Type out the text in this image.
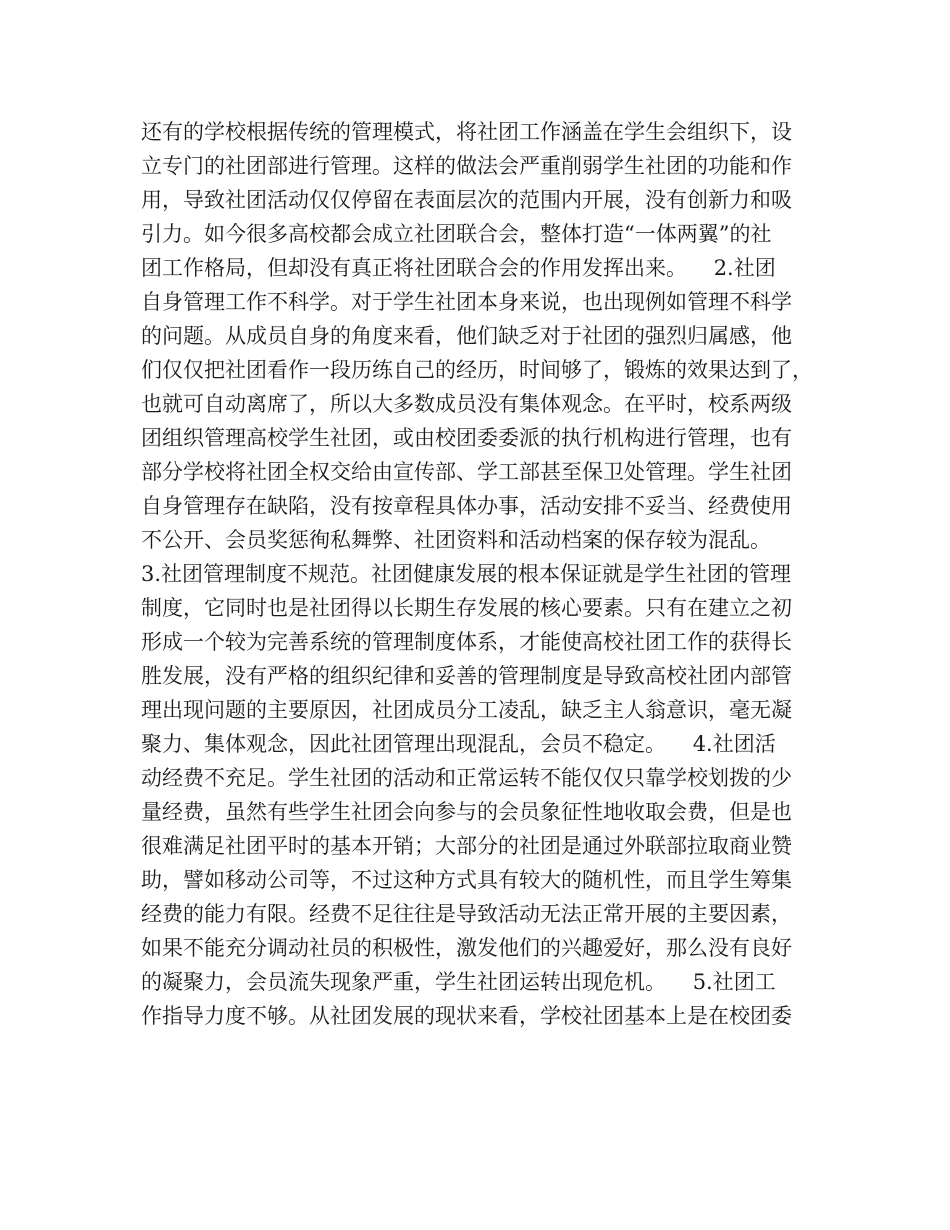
还有的学校根据传统的管理模式，将社团工作涵盖在学生会组织下，设
立专门的社团部进行管理。这样的做法会严重削弱学生社团的功能和作
用，导致社团活动仅仅停留在表面层次的范围内开展，没有创新力和吸
引力。如今很多高校都会成立社团联合会，整体打造“一体两翼”的社
团工作格局，但却没有真正将社团联合会的作用发挥出来。    2.社团
自身管理工作不科学。对于学生社团本身来说，也出现例如管理不科学
的问题。从成员自身的角度来看，他们缺乏对于社团的强烈归属感，他
们仅仅把社团看作一段历练自己的经历，时间够了，锻炼的效果达到了，
也就可自动离席了，所以大多数成员没有集体观念。在平时，校系两级
团组织管理高校学生社团，或由校团委委派的执行机构进行管理，也有
部分学校将社团全权交给由宣传部、学工部甚至保卫处管理。学生社团
自身管理存在缺陷，没有按章程具体办事，活动安排不妥当、经费使用
不公开、会员奖惩徇私舞弊、社团资料和活动档案的保存较为混乱。
3.社团管理制度不规范。社团健康发展的根本保证就是学生社团的管理
制度，它同时也是社团得以长期生存发展的核心要素。只有在建立之初
形成一个较为完善系统的管理制度体系，才能使高校社团工作的获得长
胜发展，没有严格的组织纪律和妥善的管理制度是导致高校社团内部管
理出现问题的主要原因，社团成员分工凌乱，缺乏主人翁意识，毫无凝
聚力、集体观念，因此社团管理出现混乱，会员不稳定。    4.社团活
动经费不充足。学生社团的活动和正常运转不能仅仅只靠学校划拨的少
量经费，虽然有些学生社团会向参与的会员象征性地收取会费，但是也
很难满足社团平时的基本开销；大部分的社团是通过外联部拉取商业赞
助，譬如移动公司等，不过这种方式具有较大的随机性，而且学生筹集
经费的能力有限。经费不足往往是导致活动无法正常开展的主要因素，
如果不能充分调动社员的积极性，激发他们的兴趣爱好，那么没有良好
的凝聚力，会员流失现象严重，学生社团运转出现危机。    5.社团工
作指导力度不够。从社团发展的现状来看，学校社团基本上是在校团委
